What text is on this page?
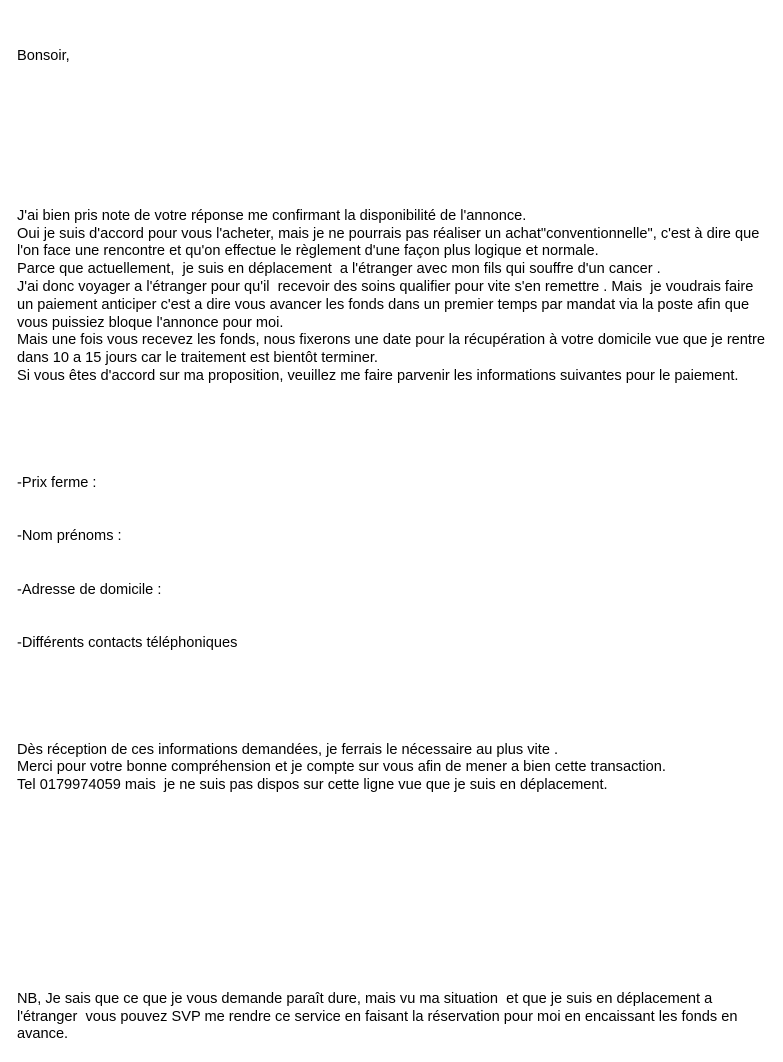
Bonsoir,

J'ai bien pris note de votre réponse me confirmant la disponibilité de l'annonce.
Oui je suis d'accord pour vous l'acheter, mais je ne pourrais pas réaliser un achat"conventionnelle", c'est à dire que l'on face une rencontre et qu'on effectue le règlement d'une façon plus logique et normale.
Parce que actuellement,  je suis en déplacement  a l'étranger avec mon fils qui souffre d'un cancer .
J'ai donc voyager a l'étranger pour qu'il  recevoir des soins qualifier pour vite s'en remettre . Mais  je voudrais faire un paiement anticiper c'est a dire vous avancer les fonds dans un premier temps par mandat via la poste afin que vous puissiez bloque l'annonce pour moi.
Mais une fois vous recevez les fonds, nous fixerons une date pour la récupération à votre domicile vue que je rentre dans 10 a 15 jours car le traitement est bientôt terminer.
Si vous êtes d'accord sur ma proposition, veuillez me faire parvenir les informations suivantes pour le paiement.

-Prix ferme :

-Nom prénoms :

-Adresse de domicile :

-Différents contacts téléphoniques

Dès réception de ces informations demandées, je ferrais le nécessaire au plus vite .
Merci pour votre bonne compréhension et je compte sur vous afin de mener a bien cette transaction.
Tel 0179974059 mais  je ne suis pas dispos sur cette ligne vue que je suis en déplacement.

NB, Je sais que ce que je vous demande paraît dure, mais vu ma situation  et que je suis en déplacement a l'étranger  vous pouvez SVP me rendre ce service en faisant la réservation pour moi en encaissant les fonds en avance.
